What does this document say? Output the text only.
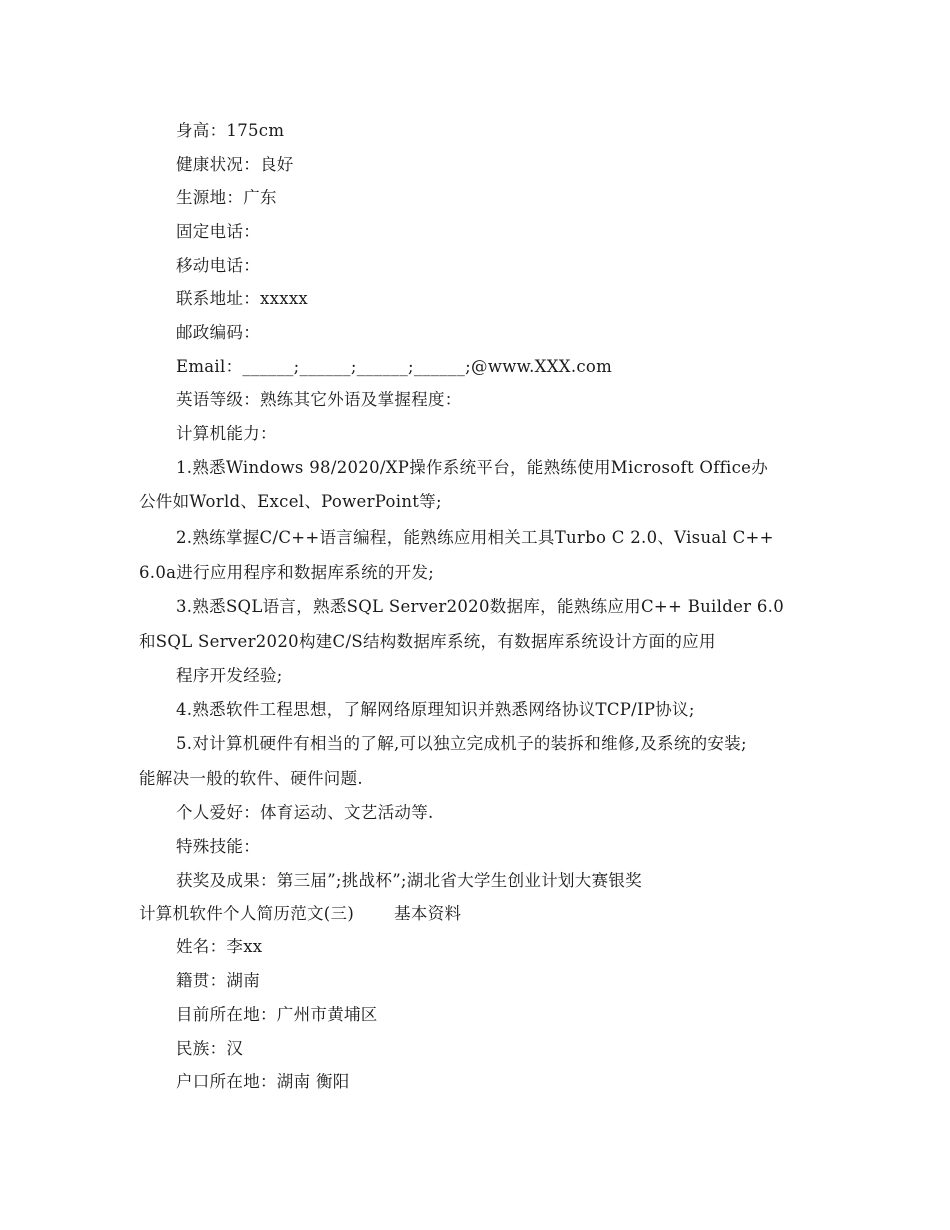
身高：175cm
健康状况：良好
生源地：广东
固定电话：
移动电话：
联系地址：xxxxx
邮政编码：
Email：______;______;______;______;@www.XXX.com
英语等级：熟练其它外语及掌握程度：
计算机能力：
1.熟悉Windows 98/2020/XP操作系统平台，能熟练使用Microsoft Office办
公件如World、Excel、PowerPoint等;
2.熟练掌握C/C++语言编程，能熟练应用相关工具Turbo C 2.0、Visual C++
6.0a进行应用程序和数据库系统的开发;
3.熟悉SQL语言，熟悉SQL Server2020数据库，能熟练应用C++ Builder 6.0
和SQL Server2020构建C/S结构数据库系统，有数据库系统设计方面的应用
程序开发经验;
4.熟悉软件工程思想，了解网络原理知识并熟悉网络协议TCP/IP协议;
5.对计算机硬件有相当的了解,可以独立完成机子的装拆和维修,及系统的安装;
能解决一般的软件、硬件问题.
个人爱好：体育运动、文艺活动等.
特殊技能：
获奖及成果：第三届”;挑战杯”;湖北省大学生创业计划大赛银奖
计算机软件个人简历范文(三) 基本资料
姓名：李xx
籍贯：湖南
目前所在地：广州市黄埔区
民族：汉
户口所在地：湖南 衡阳
